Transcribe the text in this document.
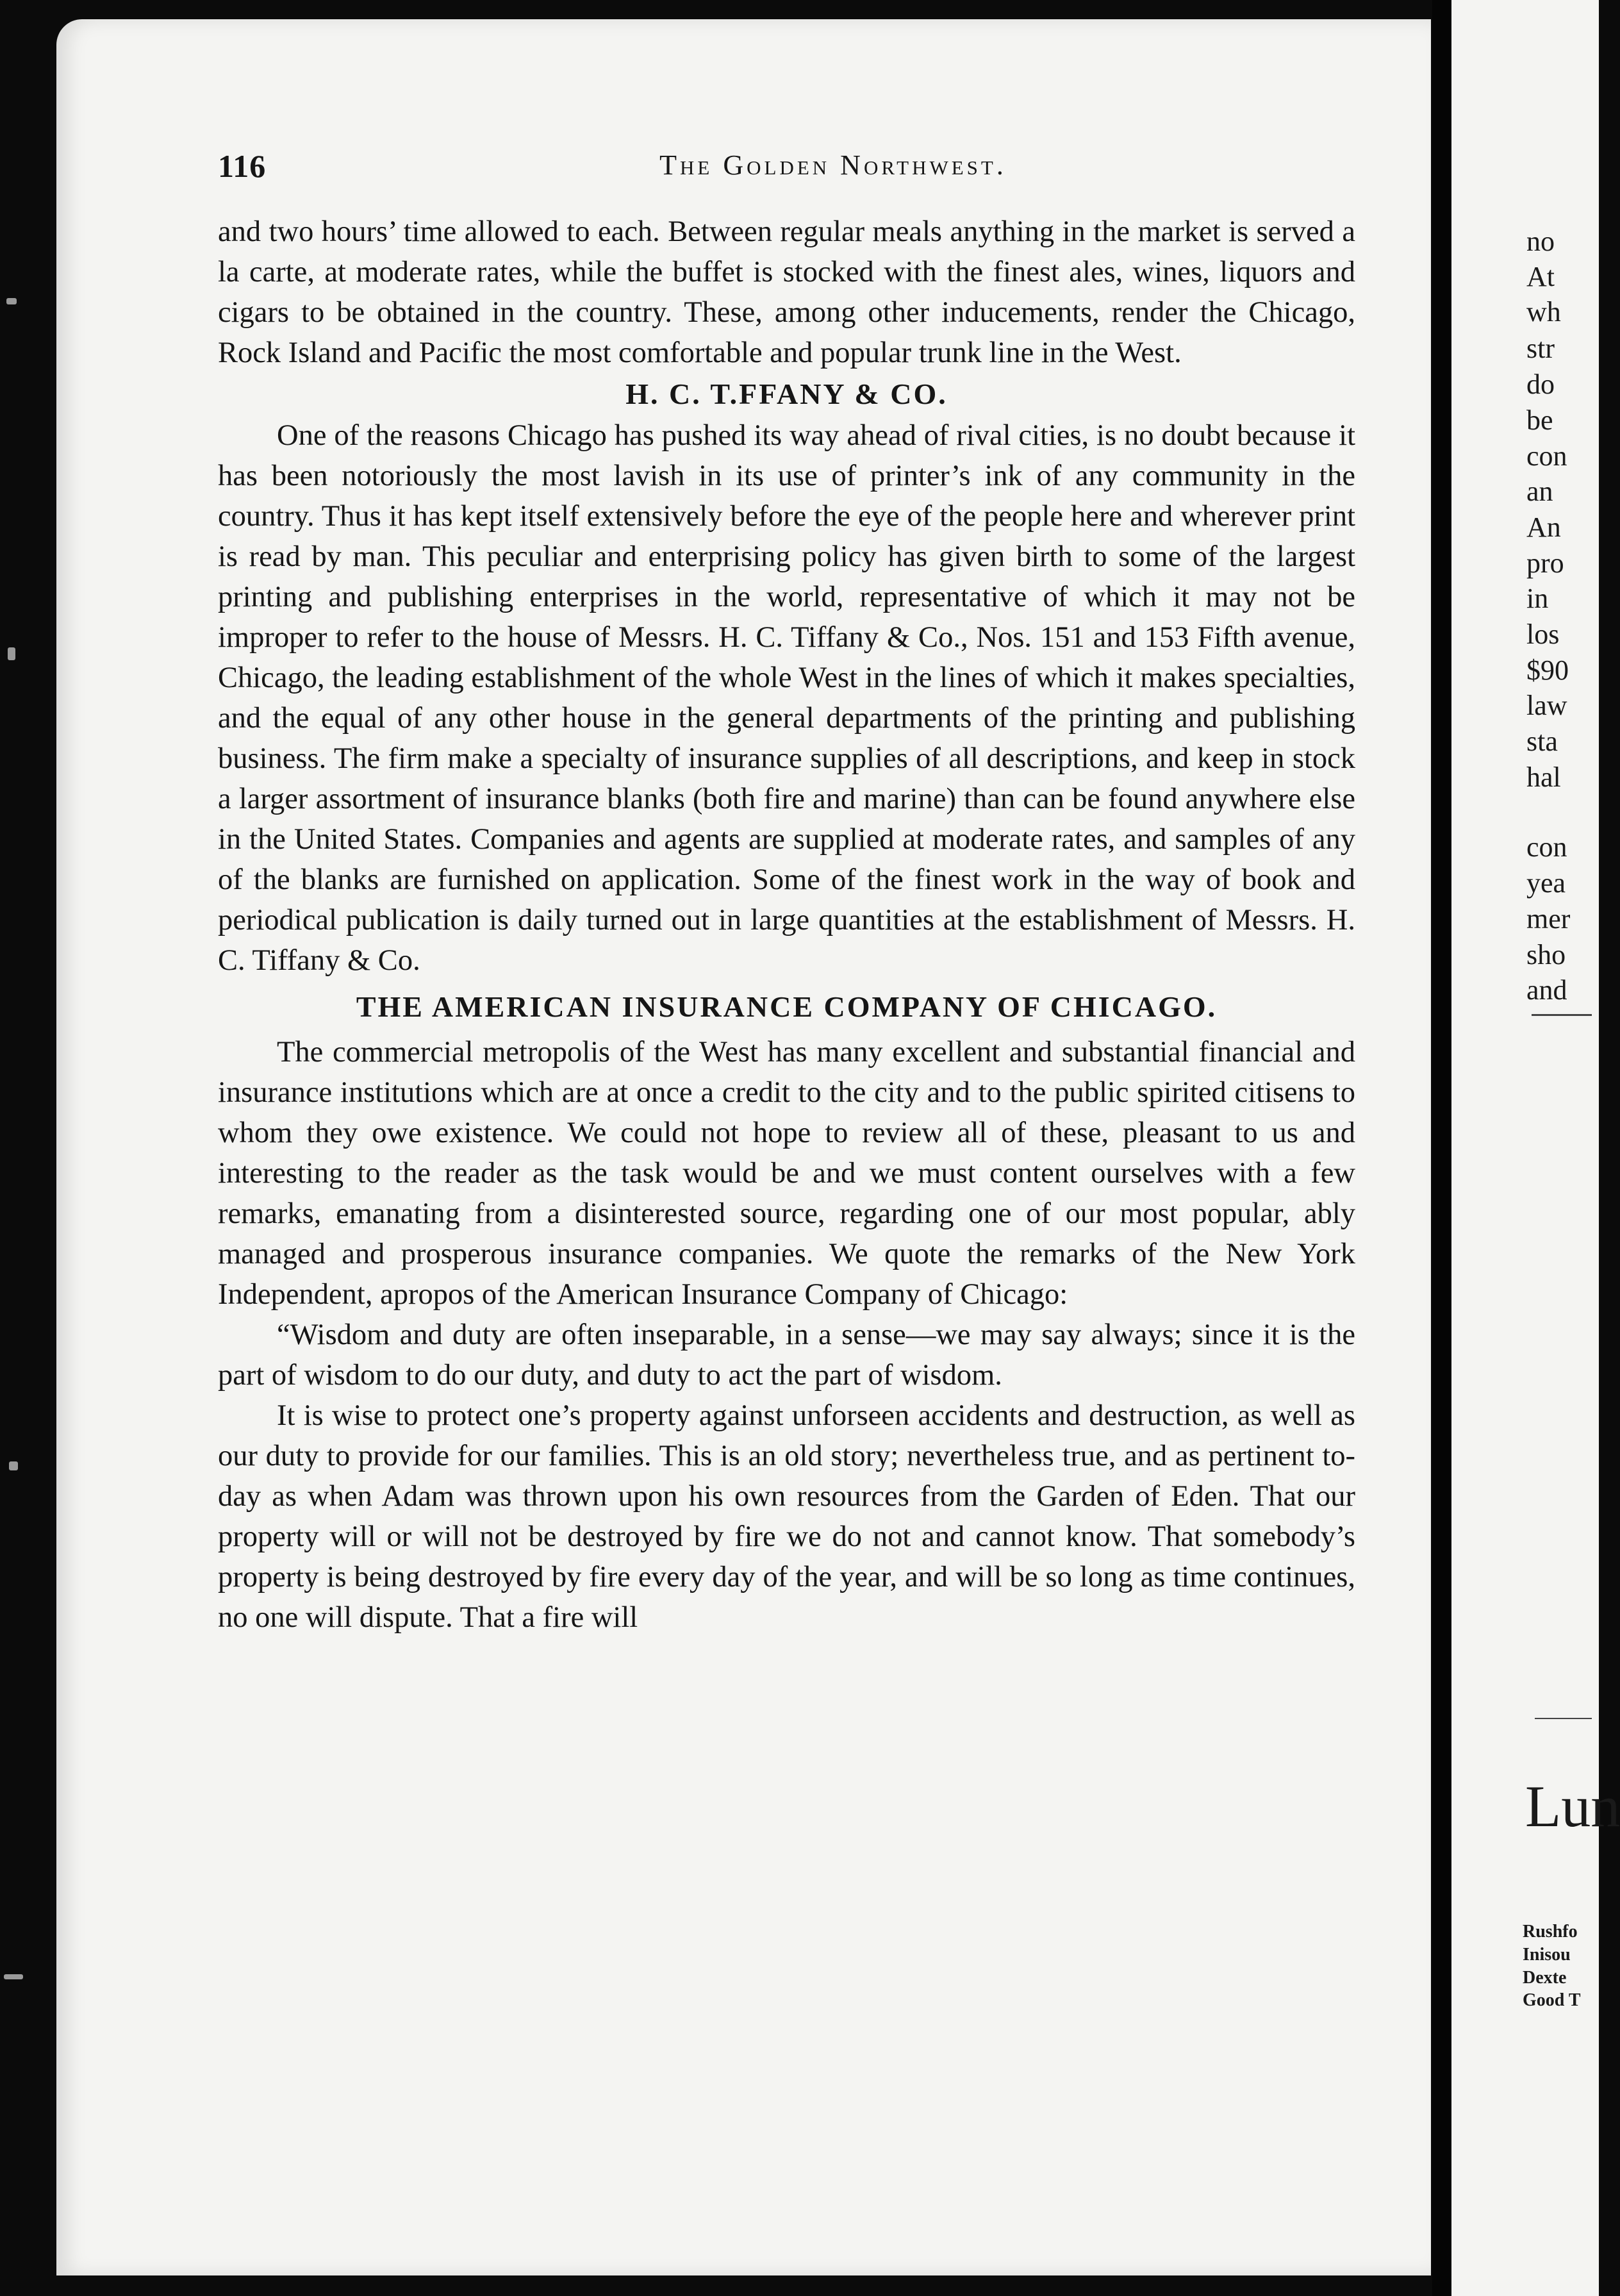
116	The Golden Northwest.

and two hours’ time allowed to each. Between regular meals anything in the market is served a la carte, at moderate rates, while the buffet is stocked with the finest ales, wines, liquors and cigars to be obtained in the country. These, among other inducements, render the Chicago, Rock Island and Pacific the most comfortable and popular trunk line in the West.

H. C. T.FFANY & CO.

One of the reasons Chicago has pushed its way ahead of rival cities, is no doubt because it has been notoriously the most lavish in its use of printer’s ink of any community in the country. Thus it has kept itself extensively before the eye of the people here and wherever print is read by man. This peculiar and enterprising policy has given birth to some of the largest printing and publishing enterprises in the world, representative of which it may not be improper to refer to the house of Messrs. H. C. Tiffany & Co., Nos. 151 and 153 Fifth avenue, Chicago, the leading establishment of the whole West in the lines of which it makes specialties, and the equal of any other house in the general departments of the printing and publishing business. The firm make a specialty of insurance supplies of all descriptions, and keep in stock a larger assortment of insurance blanks (both fire and marine) than can be found anywhere else in the United States. Companies and agents are supplied at moderate rates, and samples of any of the blanks are furnished on application. Some of the finest work in the way of book and periodical publication is daily turned out in large quantities at the establishment of Messrs. H. C. Tiffany & Co.

THE AMERICAN INSURANCE COMPANY OF CHICAGO.

The commercial metropolis of the West has many excellent and substantial financial and insurance institutions which are at once a credit to the city and to the public spirited citisens to whom they owe existence. We could not hope to review all of these, pleasant to us and interesting to the reader as the task would be and we must content ourselves with a few remarks, emanating from a disinterested source, regarding one of our most popular, ably managed and prosperous insurance companies. We quote the remarks of the New York Independent, apropos of the American Insurance Company of Chicago:

“Wisdom and duty are often inseparable, in a sense—we may say always; since it is the part of wisdom to do our duty, and duty to act the part of wisdom.

It is wise to protect one’s property against unforseen accidents and destruction, as well as our duty to provide for our families. This is an old story; nevertheless true, and as pertinent to-day as when Adam was thrown upon his own resources from the Garden of Eden. That our property will or will not be destroyed by fire we do not and cannot know. That somebody’s property is being destroyed by fire every day of the year, and will be so long as time continues, no one will dispute. That a fire will

no
At
wh
str
do
be
con
an
An
pro
in
los
$90
law
sta
hal
con
yea
mer
sho
and
Lun
Rushfo
Inisou
Dexte
Good T
